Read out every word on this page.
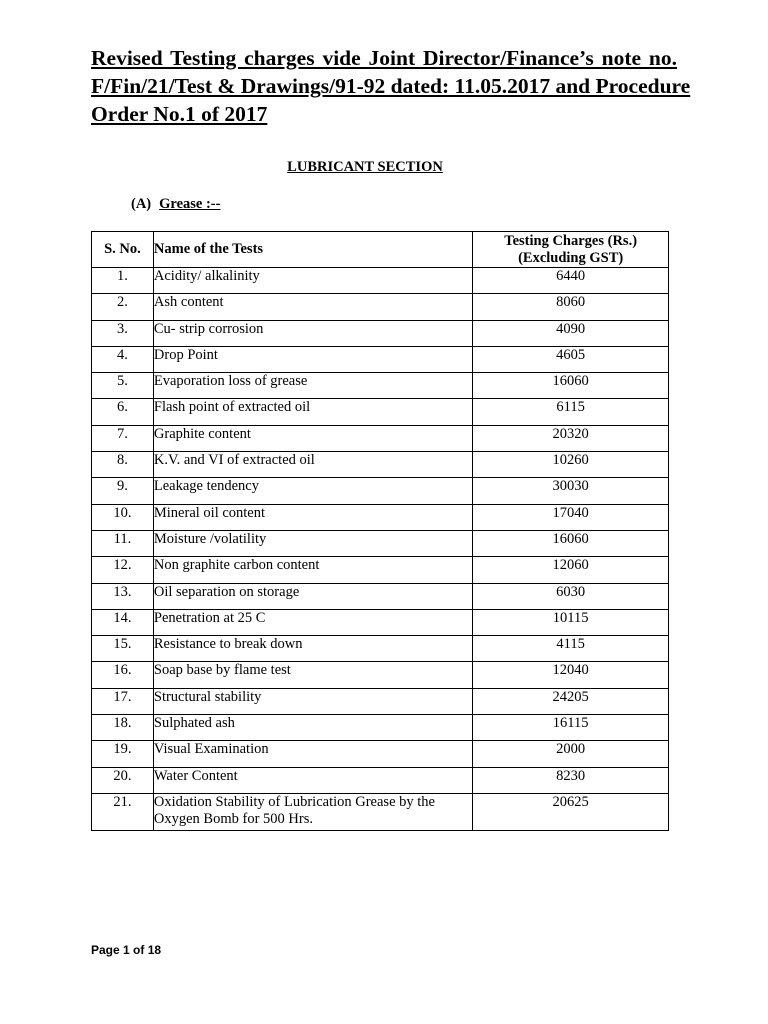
Revised Testing charges vide Joint Director/Finance’s note no.
F/Fin/21/Test & Drawings/91-92 dated: 11.05.2017 and Procedure
Order No.1 of 2017
LUBRICANT SECTION
(A) Grease :--
S. No.	Name of the Tests	Testing Charges (Rs.)
(Excluding GST)

1.	Acidity/ alkalinity	6440
2.	Ash content	8060
3.	Cu- strip corrosion	4090
4.	Drop Point	4605
5.	Evaporation loss of grease	16060
6.	Flash point of extracted oil	6115
7.	Graphite content	20320
8.	K.V. and VI of extracted oil	10260
9.	Leakage tendency	30030
10.	Mineral oil content	17040
11.	Moisture /volatility	16060
12.	Non graphite carbon content	12060
13.	Oil separation on storage	6030
14.	Penetration at 25 C	10115
15.	Resistance to break down	4115
16.	Soap base by flame test	12040
17.	Structural stability	24205
18.	Sulphated ash	16115
19.	Visual Examination	2000
20.	Water Content	8230
21.	Oxidation Stability of Lubrication Grease by the
Oxygen Bomb for 500 Hrs.	20625
Page 1 of 18
